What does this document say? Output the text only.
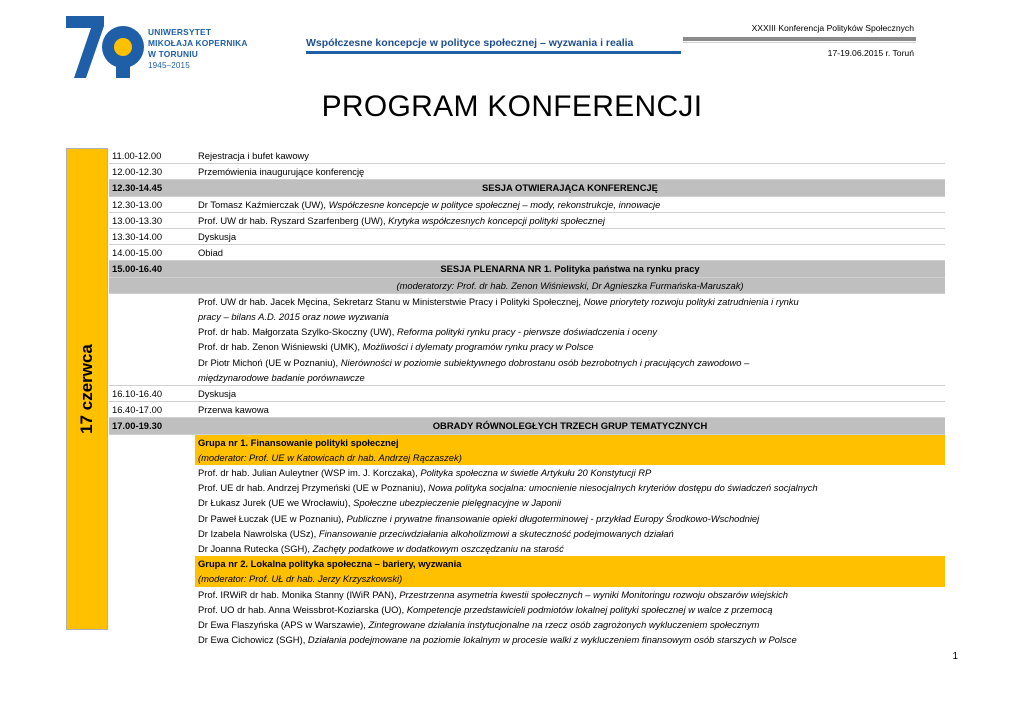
UNIWERSYTET
MIKOŁAJA KOPERNIKA
W TORUNIU
1945–2015
Współczesne koncepcje w polityce społecznej – wyzwania i realia
XXXIII Konferencja Polityków Społecznych
17-19.06.2015 r. Toruń
PROGRAM KONFERENCJI
17 czerwca
11.00-12.00	Rejestracja i bufet kawowy
12.00-12.30	Przemówienia inaugurujące konferencję
12.30-14.45	SESJA OTWIERAJĄCA KONFERENCJĘ
12.30-13.00	Dr Tomasz Kaźmierczak (UW), Współczesne koncepcje w polityce społecznej – mody, rekonstrukcje, innowacje
13.00-13.30	Prof. UW dr hab. Ryszard Szarfenberg (UW), Krytyka współczesnych koncepcji polityki społecznej
13.30-14.00	Dyskusja
14.00-15.00	Obiad
15.00-16.40	SESJA PLENARNA NR 1. Polityka państwa na rynku pracy
	(moderatorzy: Prof. dr hab. Zenon Wiśniewski, Dr Agnieszka Furmańska-Maruszak)
	Prof. UW dr hab. Jacek Męcina, Sekretarz Stanu w Ministerstwie Pracy i Polityki Społecznej, Nowe priorytety rozwoju polityki zatrudnienia i rynku
	pracy – bilans A.D. 2015 oraz nowe wyzwania
	Prof. dr hab. Małgorzata Szylko-Skoczny (UW), Reforma polityki rynku pracy - pierwsze doświadczenia i oceny
	Prof. dr hab. Zenon Wiśniewski (UMK), Możliwości i dylematy programów rynku pracy w Polsce
	Dr Piotr Michoń (UE w Poznaniu), Nierówności w poziomie subiektywnego dobrostanu osób bezrobotnych i pracujących zawodowo –
	międzynarodowe badanie porównawcze
16.10-16.40	Dyskusja
16.40-17.00	Przerwa kawowa
17.00-19.30	OBRADY RÓWNOLEGŁYCH TRZECH GRUP TEMATYCZNYCH
	Grupa nr 1. Finansowanie polityki społecznej
	(moderator: Prof. UE w Katowicach dr hab. Andrzej Rączaszek)
	Prof. dr hab. Julian Auleytner (WSP im. J. Korczaka), Polityka społeczna w świetle Artykułu 20 Konstytucji RP
	Prof. UE dr hab. Andrzej Przymeński (UE w Poznaniu), Nowa polityka socjalna: umocnienie niesocjalnych kryteriów dostępu do świadczeń socjalnych
	Dr Łukasz Jurek (UE we Wrocławiu), Społeczne ubezpieczenie pielęgnacyjne w Japonii
	Dr Paweł Łuczak (UE w Poznaniu), Publiczne i prywatne finansowanie opieki długoterminowej - przykład Europy Środkowo-Wschodniej
	Dr Izabela Nawrolska (USz), Finansowanie przeciwdziałania alkoholizmowi a skuteczność podejmowanych działań
	Dr Joanna Rutecka (SGH), Zachęty podatkowe w dodatkowym oszczędzaniu na starość
	Grupa nr 2. Lokalna polityka społeczna – bariery, wyzwania
	(moderator: Prof. UŁ dr hab. Jerzy Krzyszkowski)
	Prof. IRWiR dr hab. Monika Stanny (IWiR PAN), Przestrzenna asymetria kwestii społecznych – wyniki Monitoringu rozwoju obszarów wiejskich
	Prof. UO dr hab. Anna Weissbrot-Koziarska (UO), Kompetencje przedstawicieli podmiotów lokalnej polityki społecznej w walce z przemocą
	Dr Ewa Flaszyńska (APS w Warszawie), Zintegrowane działania instytucjonalne na rzecz osób zagrożonych wykluczeniem społecznym
	Dr Ewa Cichowicz (SGH), Działania podejmowane na poziomie lokalnym w procesie walki z wykluczeniem finansowym osób starszych w Polsce
1
